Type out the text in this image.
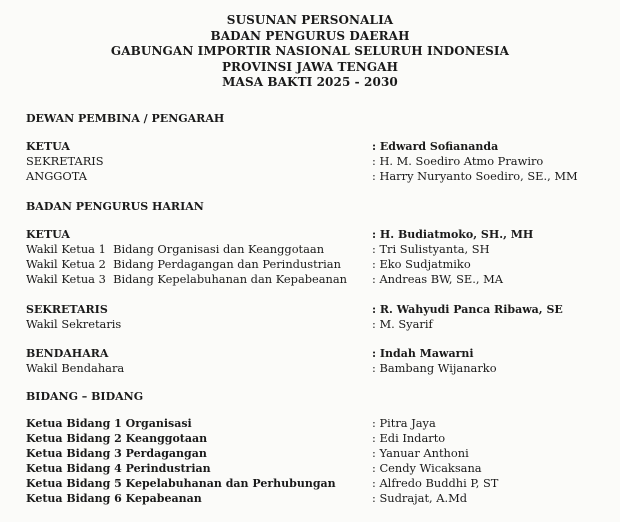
SUSUNAN PERSONALIA
BADAN PENGURUS DAERAH
GABUNGAN IMPORTIR NASIONAL SELURUH INDONESIA
PROVINSI JAWA TENGAH
MASA BAKTI 2025 - 2030
DEWAN PEMBINA / PENGARAH
KETUA	: Edward Sofiananda
SEKRETARIS	: H. M. Soediro Atmo Prawiro
ANGGOTA	: Harry Nuryanto Soediro, SE., MM
BADAN PENGURUS HARIAN
KETUA	: H. Budiatmoko, SH., MH
Wakil Ketua 1  Bidang Organisasi dan Keanggotaan	: Tri Sulistyanta, SH
Wakil Ketua 2  Bidang Perdagangan dan Perindustrian	: Eko Sudjatmiko
Wakil Ketua 3  Bidang Kepelabuhanan dan Kepabeanan : Andreas BW, SE., MA
SEKRETARIS	: R. Wahyudi Panca Ribawa, SE
Wakil Sekretaris	: M. Syarif
BENDAHARA	: Indah Mawarni
Wakil Bendahara	: Bambang Wijanarko
BIDANG – BIDANG
Ketua Bidang 1 Organisasi	: Pitra Jaya
Ketua Bidang 2 Keanggotaan	: Edi Indarto
Ketua Bidang 3 Perdagangan	: Yanuar Anthoni
Ketua Bidang 4 Perindustrian	: Cendy Wicaksana
Ketua Bidang 5 Kepelabuhanan dan Perhubungan	: Alfredo Buddhi P, ST
Ketua Bidang 6 Kepabeanan	: Sudrajat, A.Md
